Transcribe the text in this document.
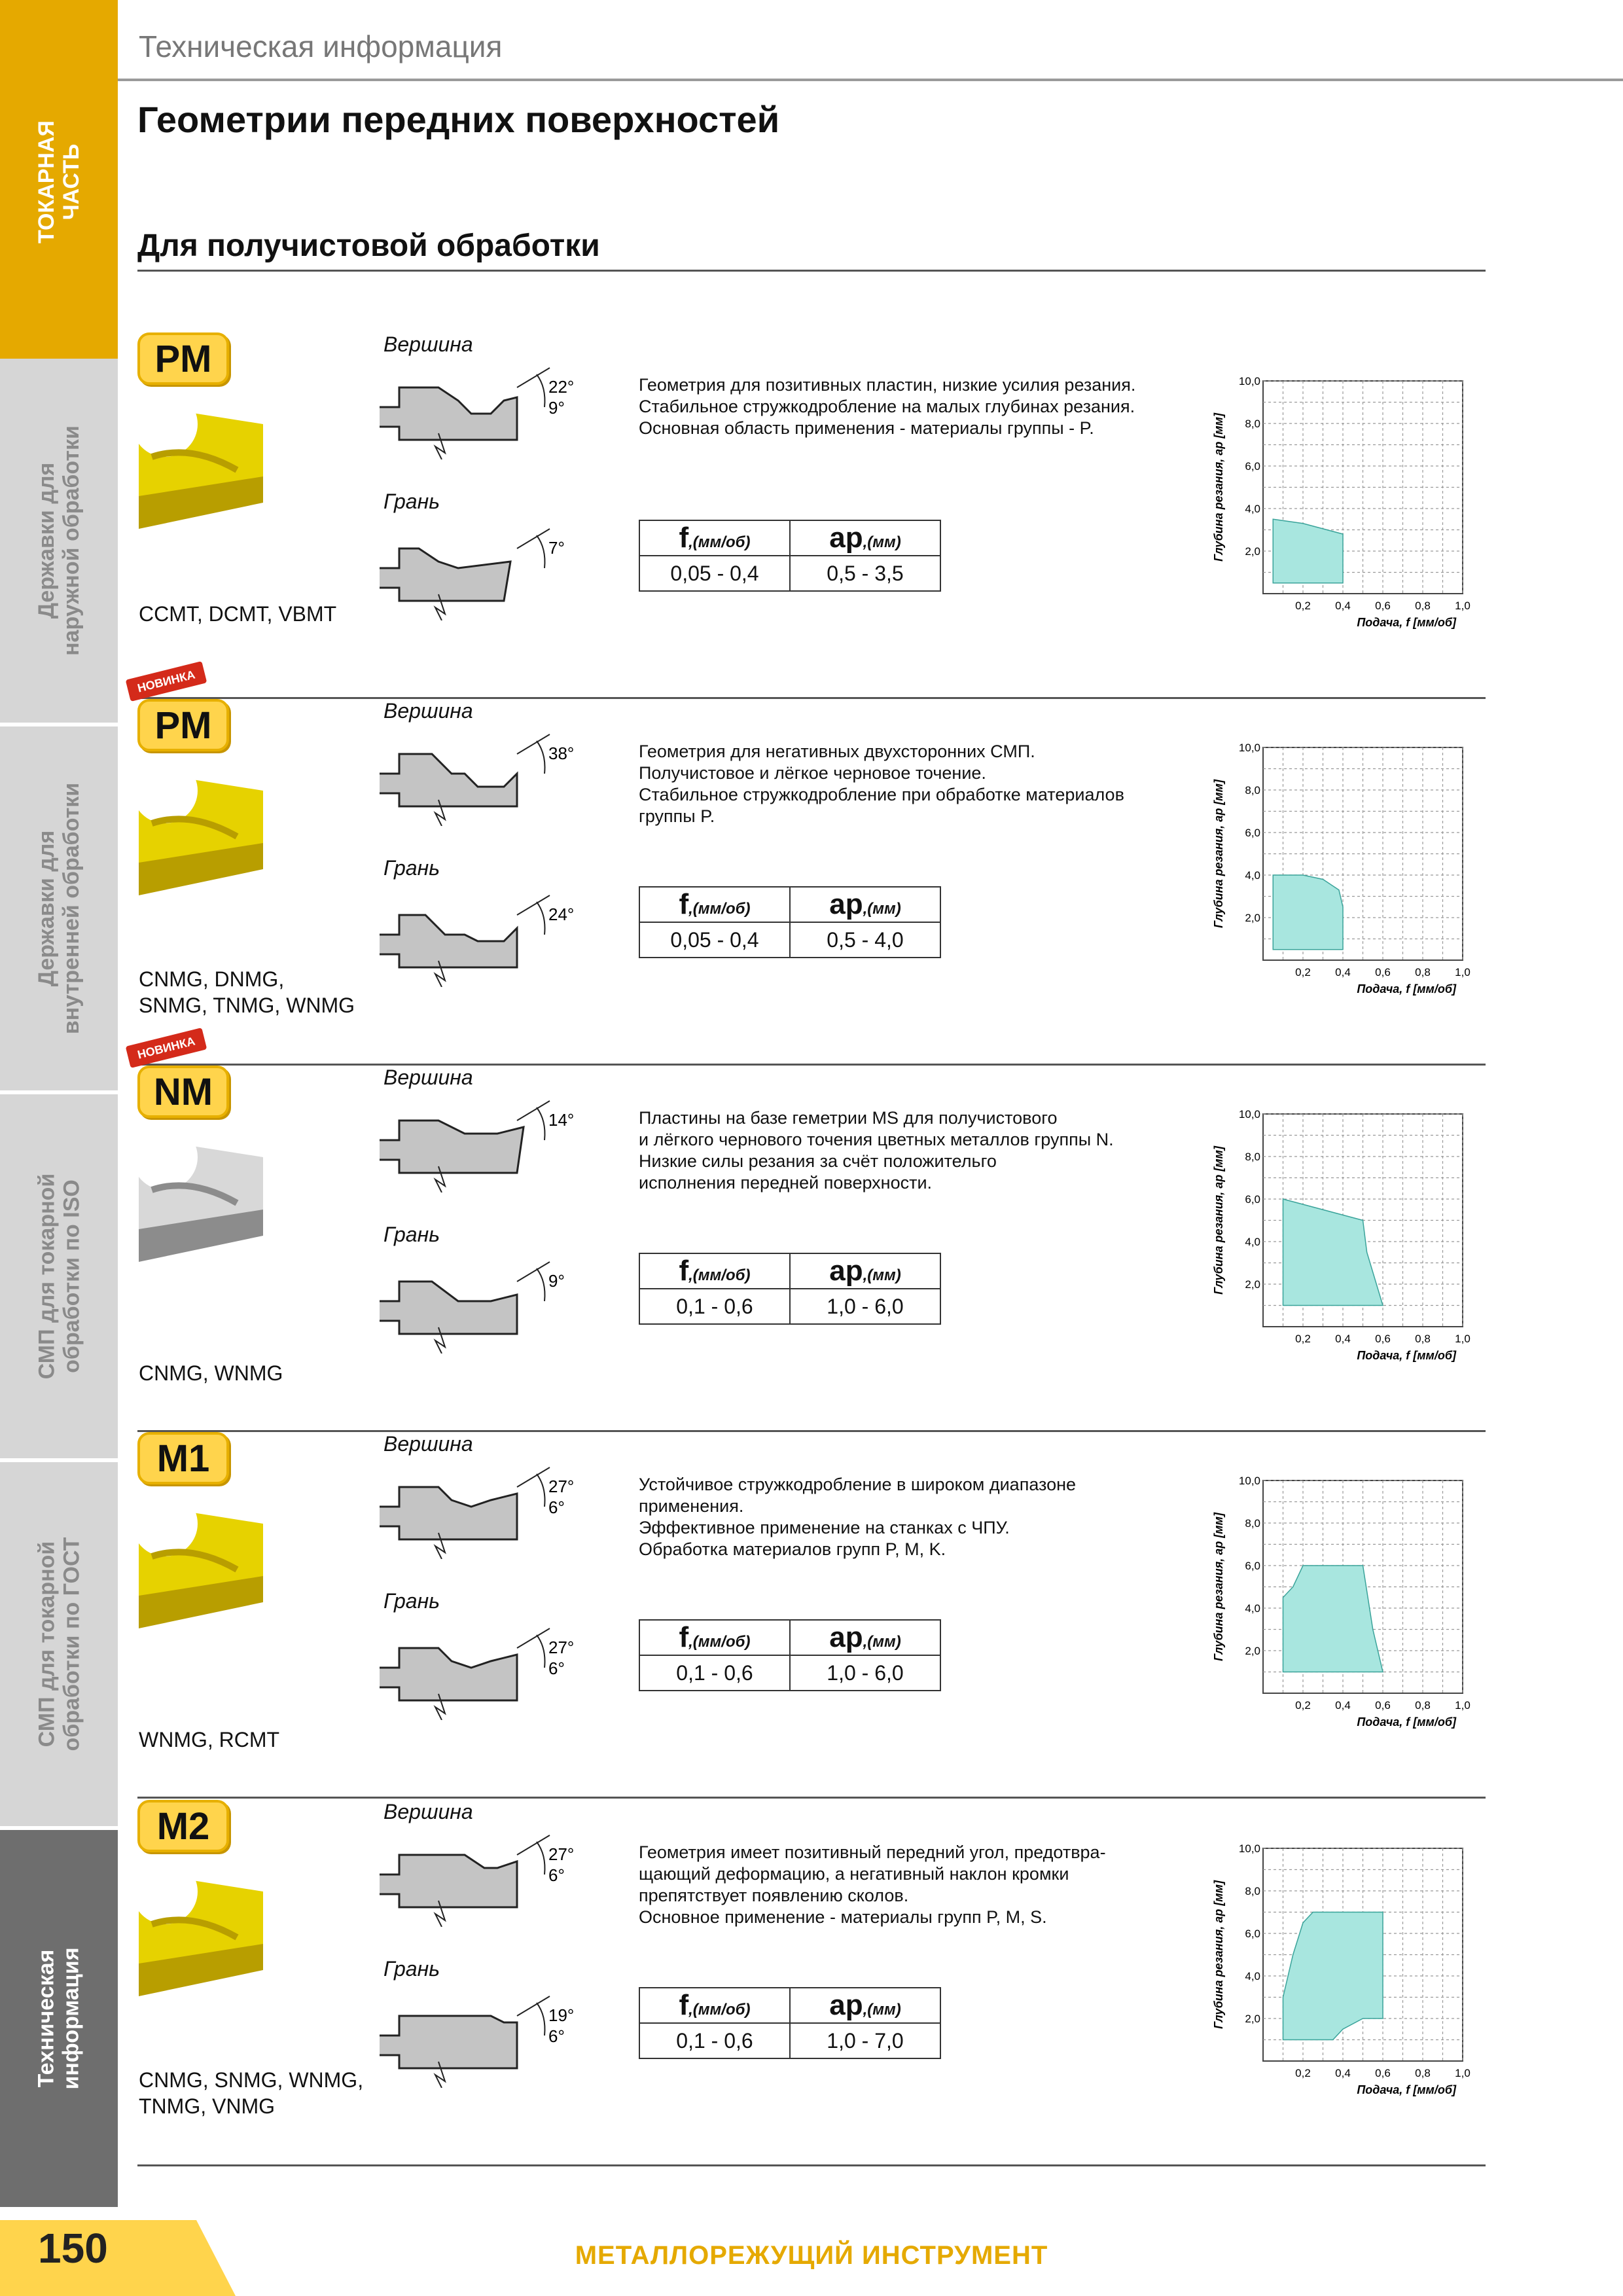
ТОКАРНАЯ
ЧАСТЬ
Державки для
наружной обработки
Державки для
внутренней обработки
СМП для токарной
обработки по ISO
СМП для токарной
обработки по ГОСТ
Техническая
информация
Техническая информация
Геометрии передних поверхностей
Для получистовой обработки
PM
CCMT, DCMT, VBMT
Вершина
Грань
22°
9°
7°
Геометрия для позитивных пластин, низкие усилия резания.
Стабильное стружкодробление на малых глубинах резания.
Основная область применения - материалы группы - P.
f,(мм/об)	ap,(мм)
0,05 - 0,4	0,5 - 3,5
0,2 0,4 0,6 0,8 1,0
2,0
4,0
6,0
8,0
10,0
Подача, f [мм/об]
Глубина резания, ap [мм]
PM
НОВИНКА
CNMG, DNMG,
SNMG, TNMG, WNMG
Вершина
Грань
38°
24°
Геометрия для негативных двухсторонних СМП.
Получистовое и лёгкое черновое точение.
Стабильное стружкодробление при обработке материалов группы P.
f,(мм/об)	ap,(мм)
0,05 - 0,4	0,5 - 4,0
0,2 0,4 0,6 0,8 1,0
2,0
4,0
6,0
8,0
10,0
Подача, f [мм/об]
Глубина резания, ap [мм]
NM
НОВИНКА
CNMG, WNMG
Вершина
Грань
14°
9°
Пластины на базе геметрии MS для получистового
и лёгкого чернового точения цветных металлов группы N.
Низкие силы резания за счёт положительго
исполнения передней поверхности.
f,(мм/об)	ap,(мм)
0,1 - 0,6	1,0 - 6,0
0,2 0,4 0,6 0,8 1,0
2,0
4,0
6,0
8,0
10,0
Подача, f [мм/об]
Глубина резания, ap [мм]
M1
WNMG, RCMT
Вершина
Грань
27°
6°
27°
6°
Устойчивое стружкодробление в широком диапазоне применения.
Эффективное применение на станках с ЧПУ.
Обработка материалов групп P, M, K.
f,(мм/об)	ap,(мм)
0,1 - 0,6	1,0 - 6,0
0,2 0,4 0,6 0,8 1,0
2,0
4,0
6,0
8,0
10,0
Подача, f [мм/об]
Глубина резания, ap [мм]
M2
CNMG, SNMG, WNMG,
TNMG, VNMG
Вершина
Грань
27°
6°
19°
6°
Геометрия имеет позитивный передний угол, предотвра-
щающий деформацию, а негативный наклон кромки
препятствует появлению сколов.
Основное применение - материалы групп P, M, S.
f,(мм/об)	ap,(мм)
0,1 - 0,6	1,0 - 7,0
0,2 0,4 0,6 0,8 1,0
2,0
4,0
6,0
8,0
10,0
Подача, f [мм/об]
Глубина резания, ap [мм]
150	МЕТАЛЛОРЕЖУЩИЙ ИНСТРУМЕНТ
